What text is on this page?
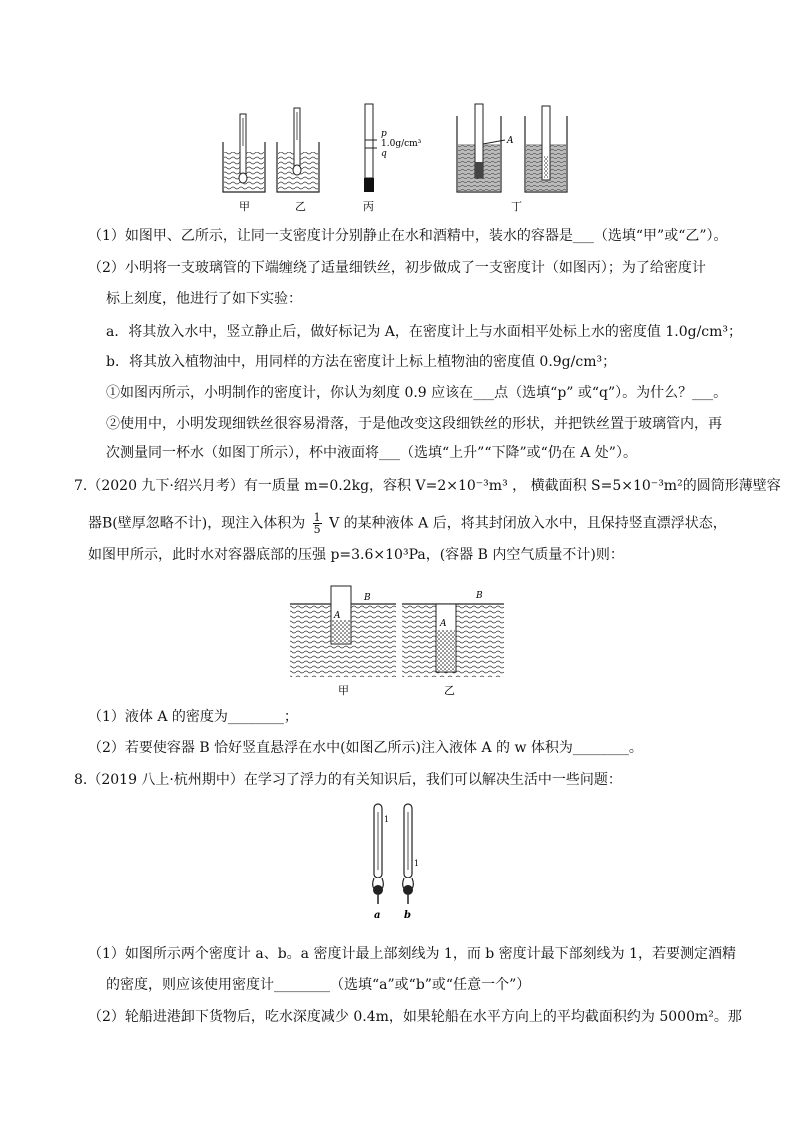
p
1.0g/cm³
q
A
甲	乙	丙	丁
（1）如图甲、乙所示，让同一支密度计分别静止在水和酒精中，装水的容器是___（选填“甲”或“乙”）。
（2）小明将一支玻璃管的下端缠绕了适量细铁丝，初步做成了一支密度计（如图丙）；为了给密度计
标上刻度，他进行了如下实验：
a．将其放入水中，竖立静止后，做好标记为 A，在密度计上与水面相平处标上水的密度值 1.0g/cm³；
b．将其放入植物油中，用同样的方法在密度计上标上植物油的密度值 0.9g/cm³；
①如图丙所示，小明制作的密度计，你认为刻度 0.9 应该在___点（选填“p” 或“q”）。为什么？___。
②使用中，小明发现细铁丝很容易滑落，于是他改变这段细铁丝的形状，并把铁丝置于玻璃管内，再
次测量同一杯水（如图丁所示），杯中液面将___（选填“上升”“下降”或“仍在 A 处”）。
7.（2020 九下·绍兴月考）有一质量 m=0.2kg，容积 V=2×10⁻³m³ ， 横截面积 S=5×10⁻³m²的圆筒形薄壁容
器B(壁厚忽略不计)，现注入体积为 $\frac{1}{5}$ V 的某种液体 A 后，将其封闭放入水中，且保持竖直漂浮状态，
如图甲所示，此时水对容器底部的压强 p=3.6×10³Pa，(容器 B 内空气质量不计)则：
A
B
A
B
甲	乙
（1）液体 A 的密度为________；
（2）若要使容器 B 恰好竖直悬浮在水中(如图乙所示)注入液体 A 的 w 体积为________。
8.（2019 八上·杭州期中）在学习了浮力的有关知识后，我们可以解决生活中一些问题：
1
1
a b
（1）如图所示两个密度计 a、b。a 密度计最上部刻线为 1，而 b 密度计最下部刻线为 1，若要测定酒精
的密度，则应该使用密度计________（选填“a”或“b”或“任意一个”）
（2）轮船进港卸下货物后，吃水深度减少 0.4m，如果轮船在水平方向上的平均截面积约为 5000m²。那
